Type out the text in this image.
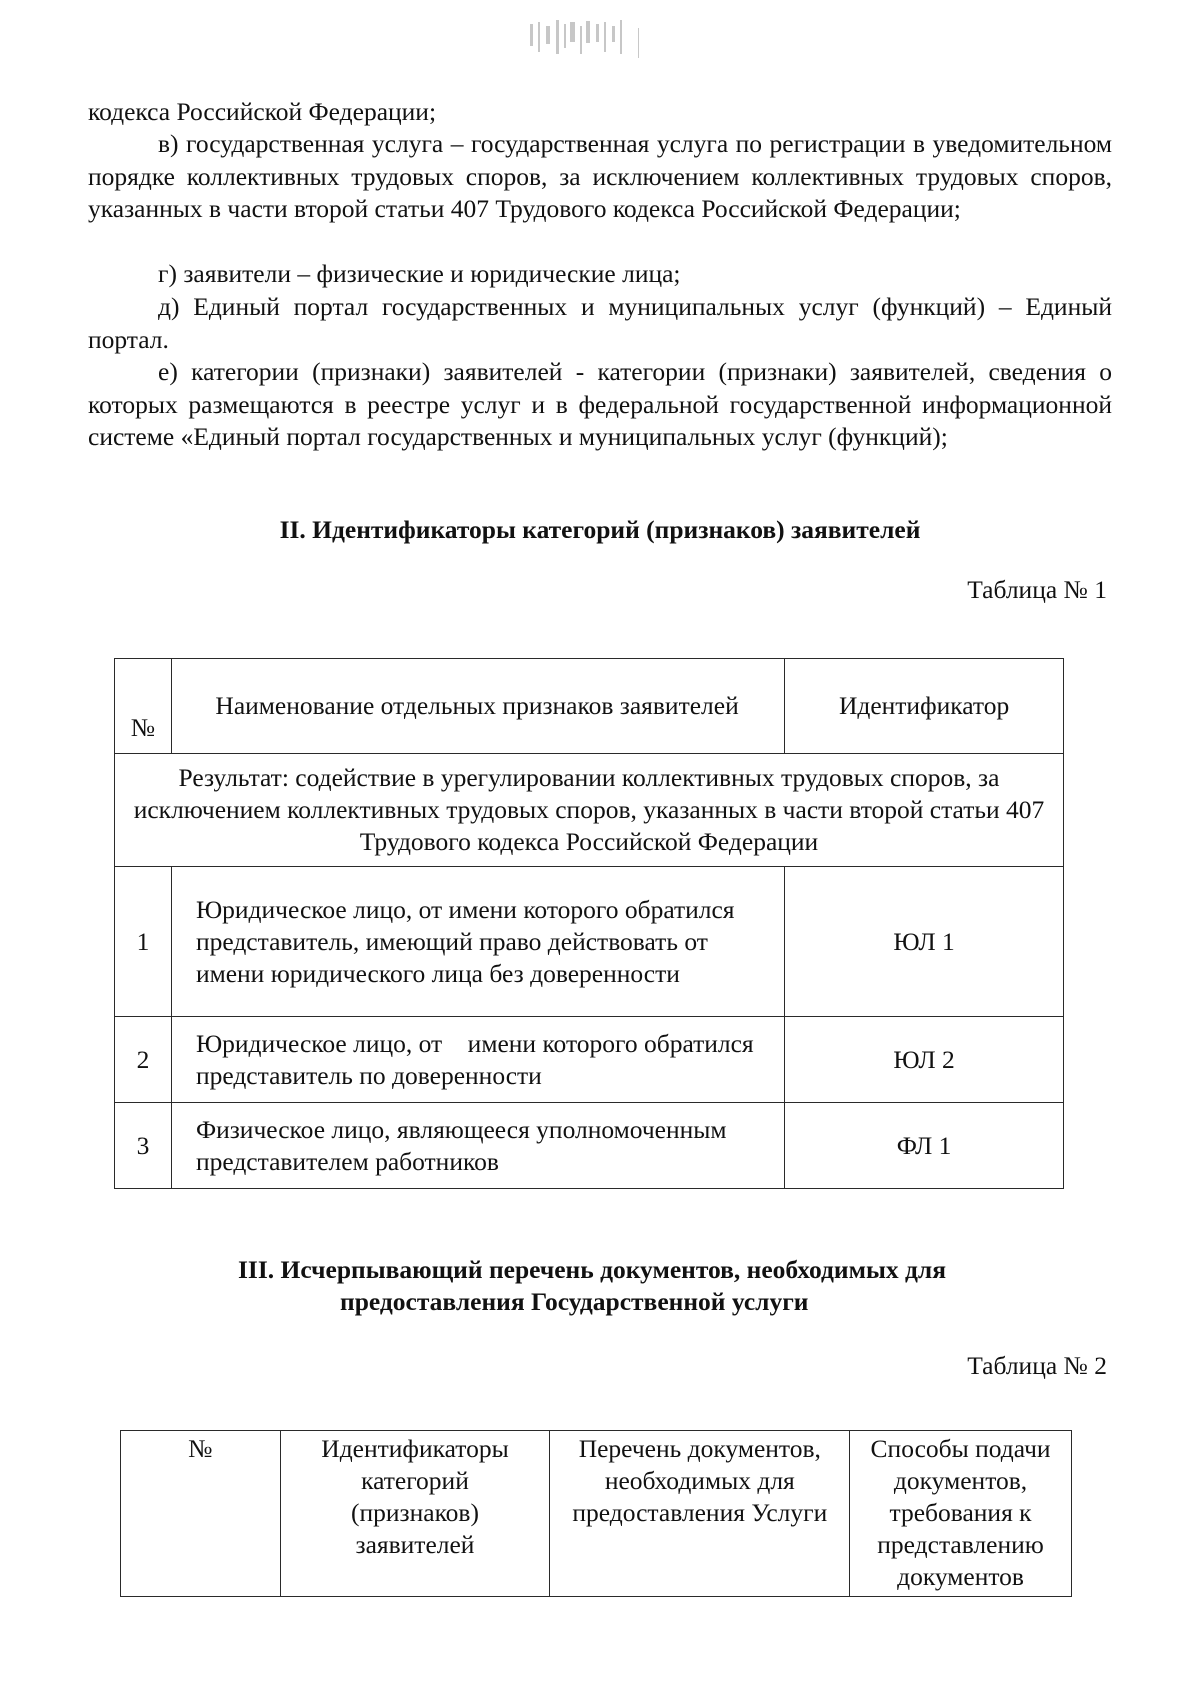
кодекса Российской Федерации;
в) государственная услуга – государственная услуга по регистрации в уведомительном порядке коллективных трудовых споров, за исключением коллективных трудовых споров, указанных в части второй статьи 407 Трудового кодекса Российской Федерации;
г) заявители – физические и юридические лица;
д) Единый портал государственных и муниципальных услуг (функций) – Единый портал.
е) категории (признаки) заявителей - категории (признаки) заявителей, сведения о которых размещаются в реестре услуг и в федеральной государственной информационной системе «Единый портал государственных и муниципальных услуг (функций);
II. Идентификаторы категорий (признаков) заявителей
Таблица № 1
№	Наименование отдельных признаков заявителей	Идентификатор
Результат: содействие в урегулировании коллективных трудовых споров, за исключением коллективных трудовых споров, указанных в части второй статьи 407 Трудового кодекса Российской Федерации		
1	Юридическое лицо, от имени которого обратился представитель, имеющий право действовать от имени юридического лица без доверенности	ЮЛ 1
2	Юридическое лицо, от    имени которого обратился представитель по доверенности	ЮЛ 2
3	Физическое лицо, являющееся уполномоченным представителем работников	ФЛ 1
III. Исчерпывающий перечень документов, необходимых для
предоставления Государственной услуги
Таблица № 2
№	Идентификаторы категорий (признаков) заявителей	Перечень документов, необходимых для предоставления Услуги	Способы подачи документов, требования к представлению документов
